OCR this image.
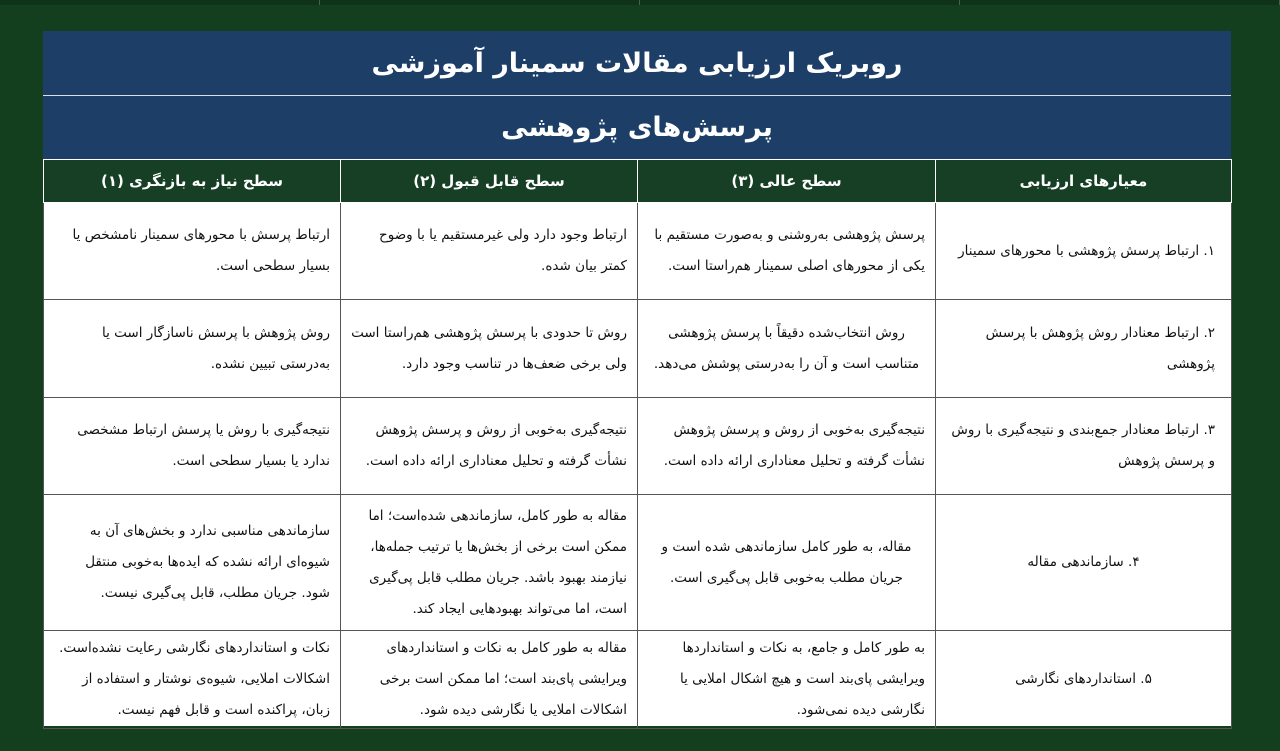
روبریک ارزیابی مقالات سمینار آموزشی
پرسش‌های پژوهشی
معیارهای ارزیابی	سطح عالی (۳)	سطح قابل قبول (۲)	سطح نیاز به بازنگری (۱)
۱. ارتباط پرسش پژوهشی با محورهای سمینار	پرسش پژوهشی به‌روشنی و به‌صورت مستقیم با یکی از محورهای اصلی سمینار هم‌راستا است.	ارتباط وجود دارد ولی غیرمستقیم یا با وضوح کمتر بیان شده.	ارتباط پرسش با محورهای سمینار نامشخص یا بسیار سطحی است.
۲. ارتباط معنادار روش پژوهش با پرسش پژوهشی	روش انتخاب‌شده دقیقاً با پرسش پژوهشی متناسب است و آن را به‌درستی پوشش می‌دهد.	روش تا حدودی با پرسش پژوهشی هم‌راستا است ولی برخی ضعف‌ها در تناسب وجود دارد.	روش پژوهش با پرسش ناسازگار است یا به‌درستی تبیین نشده.
۳. ارتباط معنادار جمع‌بندی و نتیجه‌گیری با روش و پرسش پژوهش	نتیجه‌گیری به‌خوبی از روش و پرسش پژوهش نشأت گرفته و تحلیل معناداری ارائه داده است.	نتیجه‌گیری به‌خوبی از روش و پرسش پژوهش نشأت گرفته و تحلیل معناداری ارائه داده است.	نتیجه‌گیری با روش یا پرسش ارتباط مشخصی ندارد یا بسیار سطحی است.
۴. سازماندهی مقاله	مقاله، به طور کامل سازماندهی شده است و جریان مطلب به‌خوبی قابل پی‌گیری است.	مقاله به طور کامل، سازماندهی شده‌است؛ اما ممکن است برخی از بخش‌ها یا ترتیب جمله‌ها، نیازمند بهبود باشد. جریان مطلب قابل پی‌گیری است، اما می‌تواند بهبودهایی ایجاد کند.	سازماندهی مناسبی ندارد و بخش‌های آن به شیوه‌ای ارائه نشده که ایده‌ها به‌خوبی منتقل شود. جریان مطلب، قابل پی‌گیری نیست.
۵. استانداردهای نگارشی	به طور کامل و جامع، به نکات و استانداردها ویرایشی پای‌بند است و هیچ اشکال املایی یا نگارشی دیده نمی‌شود.	مقاله به طور کامل به نکات و استانداردهای ویرایشی پای‌بند است؛ اما ممکن است برخی اشکالات املایی یا نگارشی دیده شود.	نکات و استانداردهای نگارشی رعایت نشده‌است. اشکالات املایی، شیوه‌ی نوشتار و استفاده از زبان، پراکنده است و قابل فهم نیست.
